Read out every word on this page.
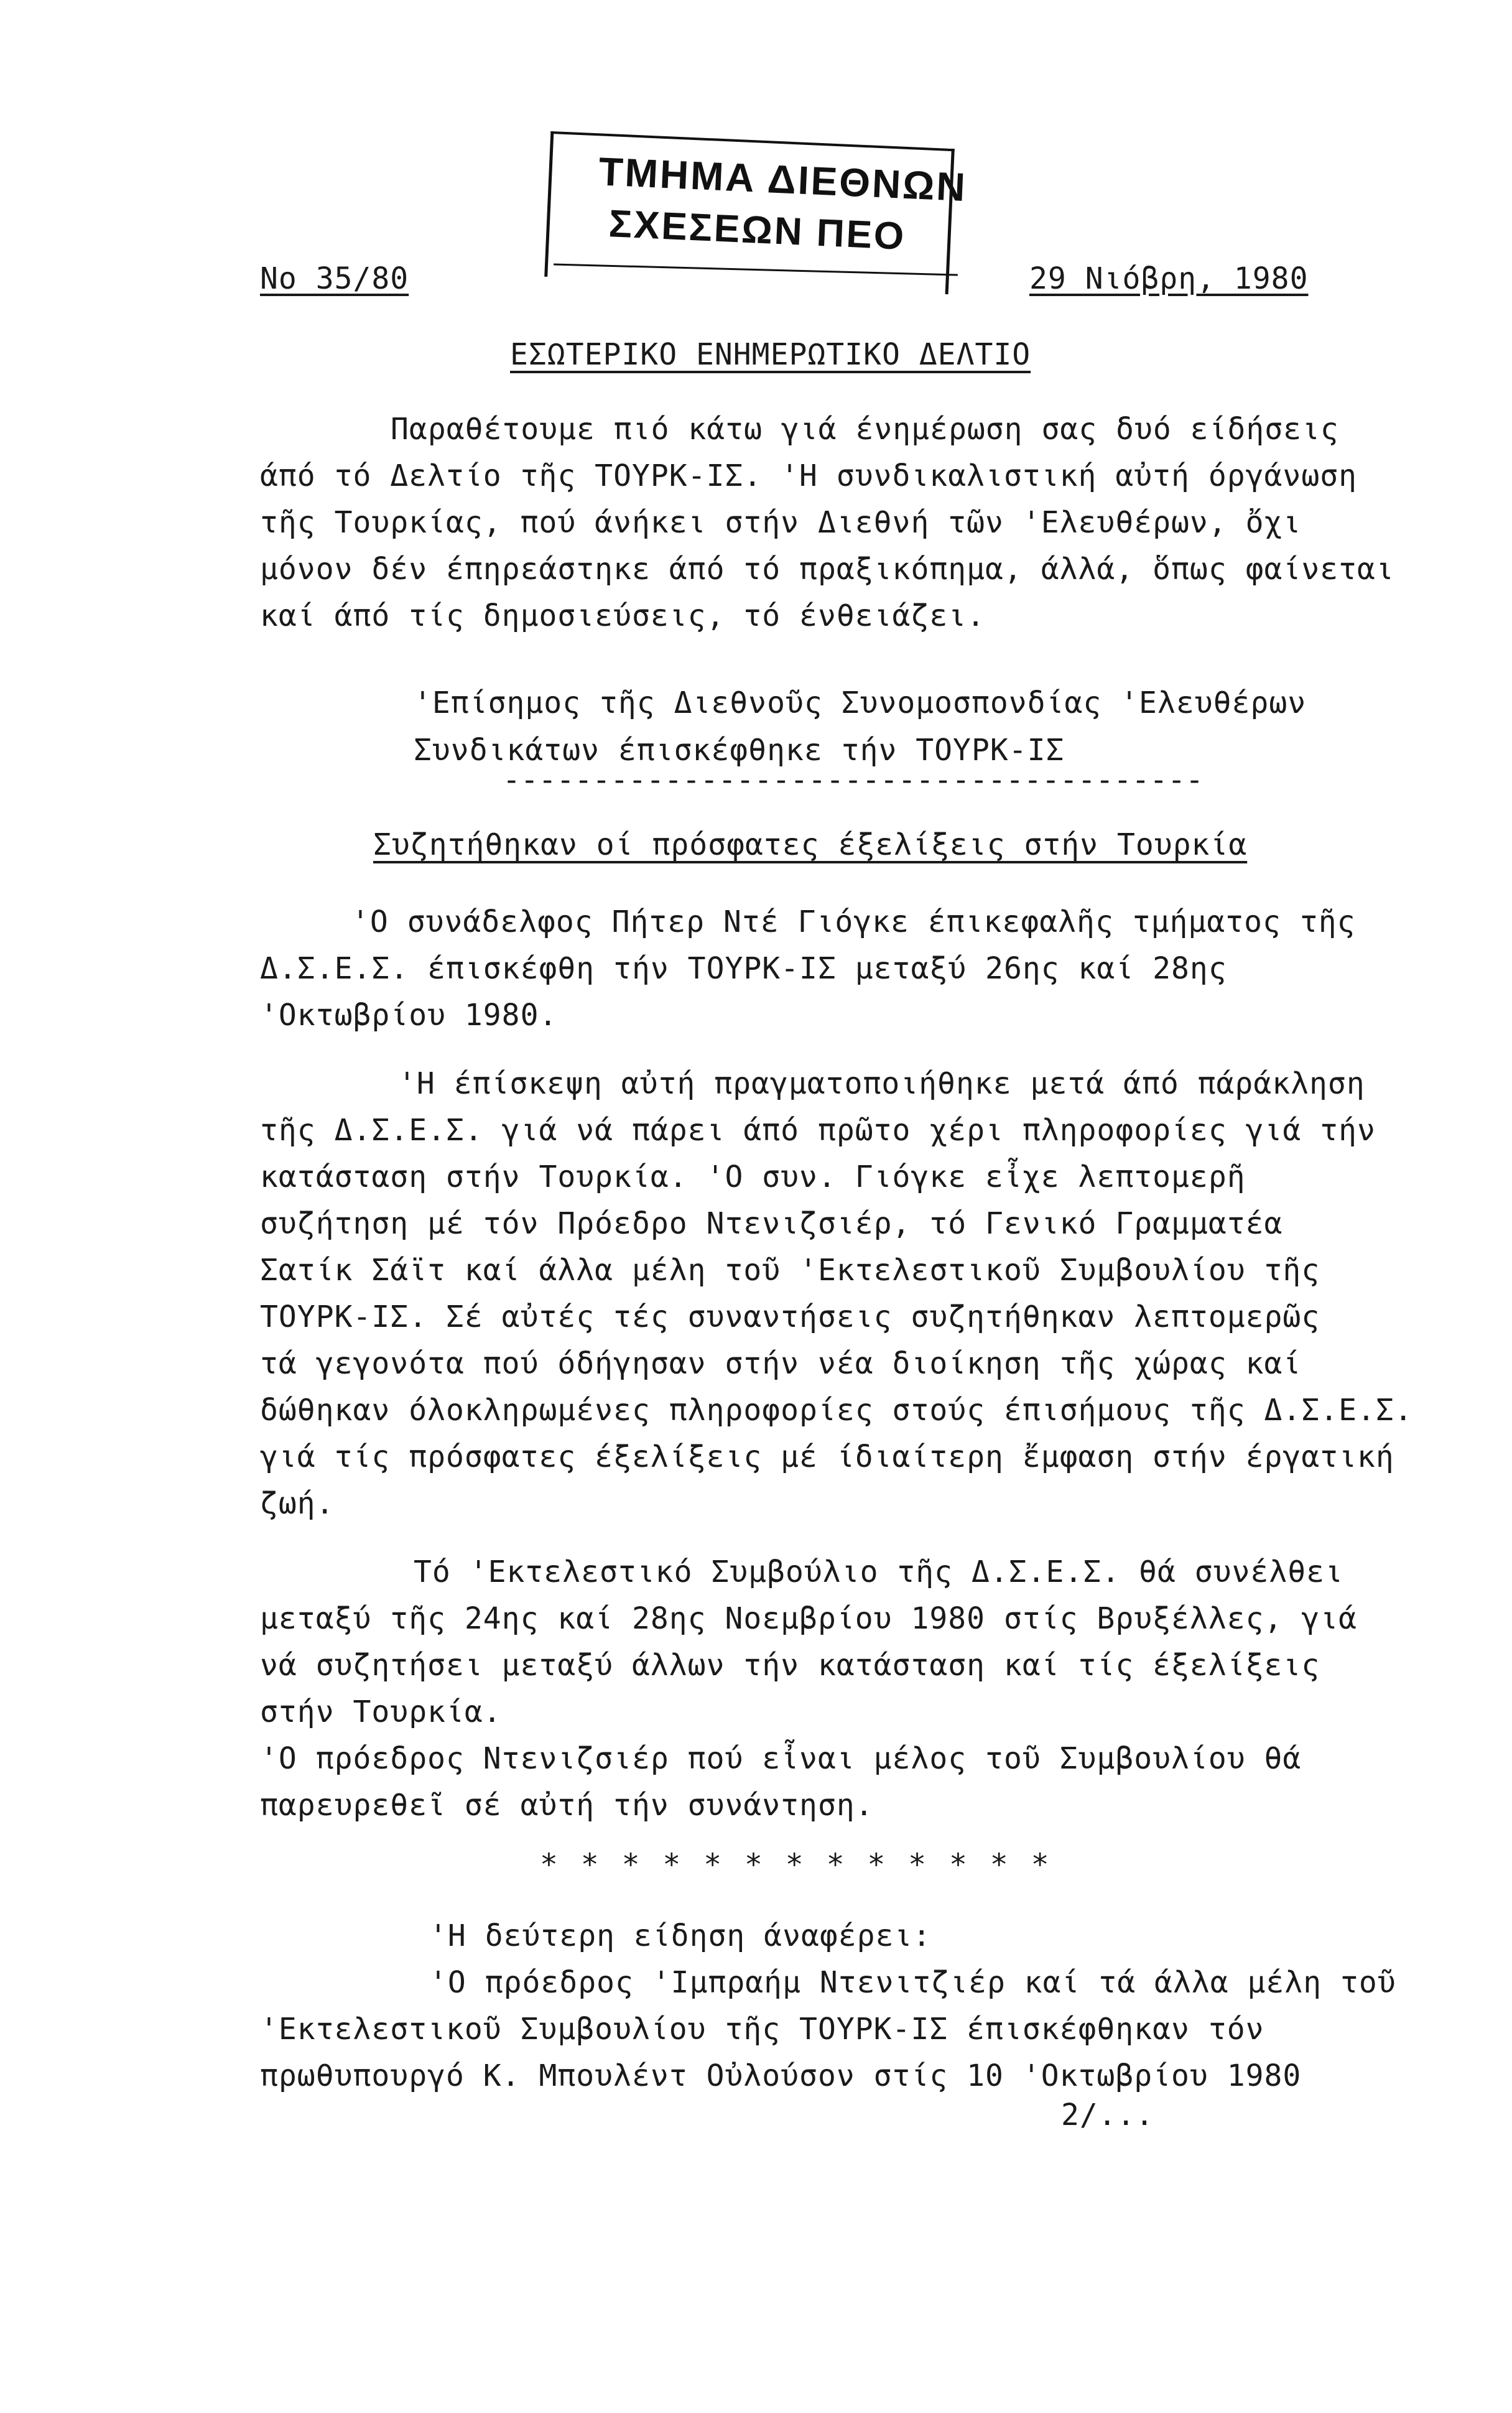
ΤΜΗΜΑ ΔΙΕΘΝΩΝ
ΣΧΕΣΕΩΝ ΠΕΟ
Νο 35/80	29 Νιόβρη, 1980
ΕΣΩΤΕΡΙΚΟ ΕΝΗΜΕΡΩΤΙΚΟ ΔΕΛΤΙΟ
Παραθέτουμε πιό κάτω γιά ένημέρωση σας δυό είδήσεις
άπό τό Δελτίο τῆς ΤΟΥΡΚ-ΙΣ. 'Η συνδικαλιστική αὐτή όργάνωση
τῆς Τουρκίας, πού άνήκει στήν Διεθνή τῶν 'Ελευθέρων, ὄχι
μόνον δέν έπηρεάστηκε άπό τό πραξικόπημα, άλλά, ὅπως φαίνεται
καί άπό τίς δημοσιεύσεις, τό ένθειάζει.
'Επίσημος τῆς Διεθνοῦς Συνομοσπονδίας 'Ελευθέρων
Συνδικάτων έπισκέφθηκε τήν ΤΟΥΡΚ-ΙΣ
---------------------------------------
Συζητήθηκαν οί πρόσφατες έξελίξεις στήν Τουρκία
'Ο συνάδελφος Πήτερ Ντέ Γιόγκε έπικεφαλῆς τμήματος τῆς
Δ.Σ.Ε.Σ. έπισκέφθη τήν ΤΟΥΡΚ-ΙΣ μεταξύ 26ης καί 28ης
'Οκτωβρίου 1980.
'Η έπίσκεψη αὐτή πραγματοποιήθηκε μετά άπό πάράκληση
τῆς Δ.Σ.Ε.Σ. γιά νά πάρει άπό πρῶτο χέρι πληροφορίες γιά τήν
κατάσταση στήν Τουρκία. 'Ο συν. Γιόγκε εἶχε λεπτομερῆ
συζήτηση μέ τόν Πρόεδρο Ντενιζσιέρ, τό Γενικό Γραμματέα
Σατίκ Σάϊτ καί άλλα μέλη τοῦ 'Εκτελεστικοῦ Συμβουλίου τῆς
ΤΟΥΡΚ-ΙΣ. Σέ αὐτές τές συναντήσεις συζητήθηκαν λεπτομερῶς
τά γεγονότα πού όδήγησαν στήν νέα διοίκηση τῆς χώρας καί
δώθηκαν όλοκληρωμένες πληροφορίες στούς έπισήμους τῆς Δ.Σ.Ε.Σ.
γιά τίς πρόσφατες έξελίξεις μέ ίδιαίτερη ἔμφαση στήν έργατική
ζωή.
Τό 'Εκτελεστικό Συμβούλιο τῆς Δ.Σ.Ε.Σ. θά συνέλθει
μεταξύ τῆς 24ης καί 28ης Νοεμβρίου 1980 στίς Βρυξέλλες, γιά
νά συζητήσει μεταξύ άλλων τήν κατάσταση καί τίς έξελίξεις
στήν Τουρκία.
'Ο πρόεδρος Ντενιζσιέρ πού εἶναι μέλος τοῦ Συμβουλίου θά
παρευρεθεῖ σέ αὐτή τήν συνάντηση.
* * * * * * * * * * * * *
'Η δεύτερη είδηση άναφέρει:
'Ο πρόεδρος 'Ιμπραήμ Ντενιτζιέρ καί τά άλλα μέλη τοῦ
'Εκτελεστικοῦ Συμβουλίου τῆς ΤΟΥΡΚ-ΙΣ έπισκέφθηκαν τόν
πρωθυπουργό Κ. Μπουλέντ Οὐλούσον στίς 10 'Οκτωβρίου 1980
2/...
